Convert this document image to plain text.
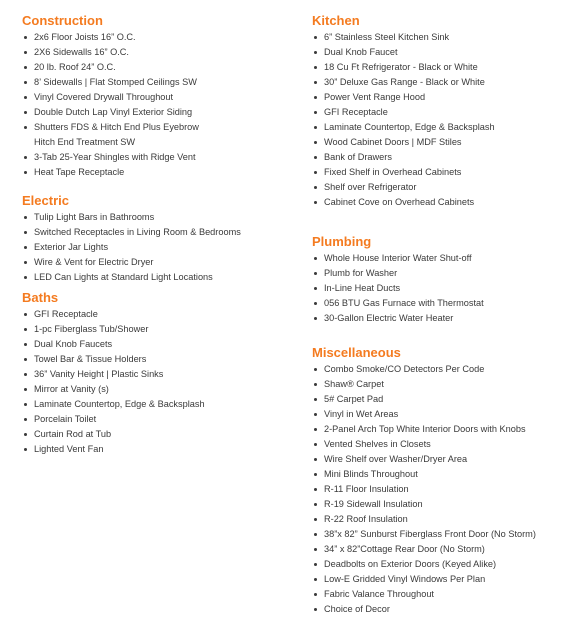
Construction
2x6 Floor Joists 16” O.C.
2X6 Sidewalls 16” O.C.
20 lb. Roof 24” O.C.
8’ Sidewalls | Flat Stomped Ceilings SW
Vinyl Covered Drywall Throughout
Double Dutch Lap Vinyl Exterior Siding
Shutters FDS & Hitch End Plus Eyebrow
Hitch End Treatment SW
3-Tab 25-Year Shingles with Ridge Vent
Heat Tape Receptacle
Electric
Tulip Light Bars in Bathrooms
Switched Receptacles in Living Room & Bedrooms
Exterior Jar Lights
Wire & Vent for Electric Dryer
LED Can Lights at Standard Light Locations
Baths
GFI Receptacle
1-pc Fiberglass Tub/Shower
Dual Knob Faucets
Towel Bar & Tissue Holders
36” Vanity Height | Plastic Sinks
Mirror at Vanity (s)
Laminate Countertop, Edge & Backsplash
Porcelain Toilet
Curtain Rod at Tub
Lighted Vent Fan
Kitchen
6” Stainless Steel Kitchen Sink
Dual Knob Faucet
18 Cu Ft Refrigerator - Black or White
30” Deluxe Gas Range - Black or White
Power Vent Range Hood
GFI Receptacle
Laminate Countertop, Edge & Backsplash
Wood Cabinet Doors | MDF Stiles
Bank of Drawers
Fixed Shelf in Overhead Cabinets
Shelf over Refrigerator
Cabinet Cove on Overhead Cabinets
Plumbing
Whole House Interior Water Shut-off
Plumb for Washer
In-Line Heat Ducts
056 BTU Gas Furnace with Thermostat
30-Gallon Electric Water Heater
Miscellaneous
Combo Smoke/CO Detectors Per Code
Shaw® Carpet
5# Carpet Pad
Vinyl in Wet Areas
2-Panel Arch Top White Interior Doors with Knobs
Vented Shelves in Closets
Wire Shelf over Washer/Dryer Area
Mini Blinds Throughout
R-11 Floor Insulation
R-19 Sidewall Insulation
R-22 Roof Insulation
38”x 82” Sunburst Fiberglass Front Door (No Storm)
34” x 82”Cottage Rear Door (No Storm)
Deadbolts on Exterior Doors (Keyed Alike)
Low-E Gridded Vinyl Windows Per Plan
Fabric Valance Throughout
Choice of Decor
